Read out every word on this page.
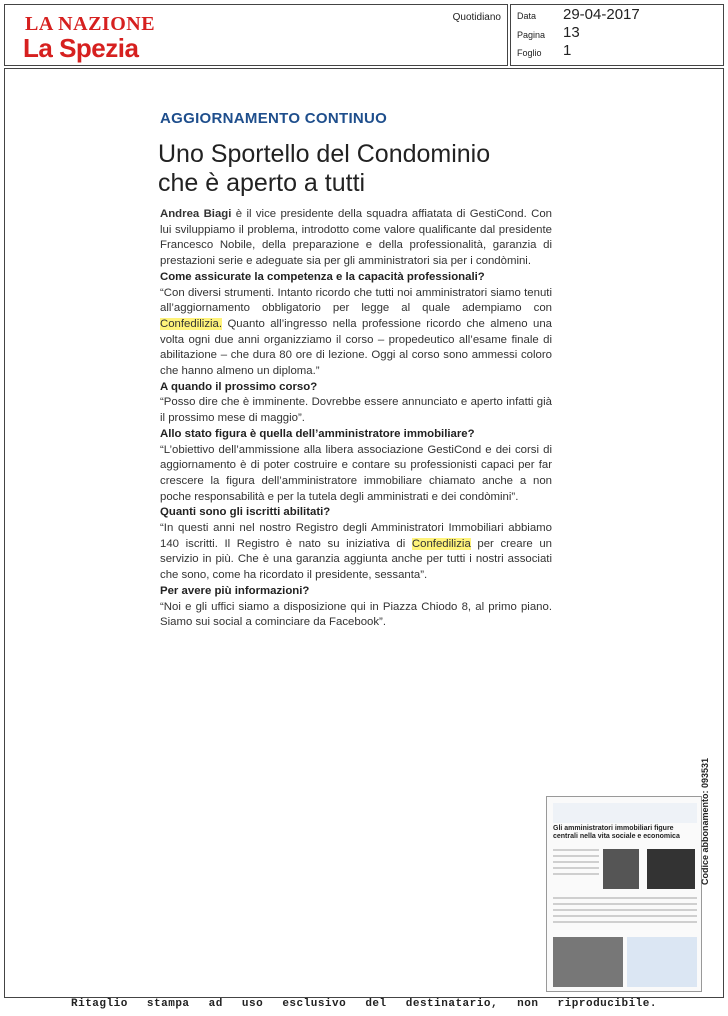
LA NAZIONE
La Spezia
Quotidiano Data 29-04-2017
Pagina 13
Foglio 1
AGGIORNAMENTO CONTINUO
Uno Sportello del Condominio
che è aperto a tutti

Andrea Biagi è il vice presidente della squadra affiatata di GestiCond. Con lui sviluppiamo il problema, introdotto come valore qualificante dal presidente Francesco Nobile, della preparazione e della professionalità, garanzia di prestazioni serie e adeguate sia per gli amministratori sia per i condòmini.

Come assicurate la competenza e la capacità professionali?

“Con diversi strumenti. Intanto ricordo che tutti noi amministratori siamo tenuti all’aggiornamento obbligatorio per legge al quale adempiamo con Confedilizia. Quanto all’ingresso nella professione ricordo che almeno una volta ogni due anni organizziamo il corso – propedeutico all’esame finale di abilitazione – che dura 80 ore di lezione. Oggi al corso sono ammessi coloro che hanno almeno un diploma.”

A quando il prossimo corso?

“Posso dire che è imminente. Dovrebbe essere annunciato e aperto infatti già il prossimo mese di maggio”.

Allo stato figura è quella dell’amministratore immobiliare?

“L’obiettivo dell’ammissione alla libera associazione GestiCond e dei corsi di aggiornamento è di poter costruire e contare su professionisti capaci per far crescere la figura dell’amministratore immobiliare chiamato anche a non poche responsabilità e per la tutela degli amministrati e dei condòmini”.

Quanti sono gli iscritti abilitati?

“In questi anni nel nostro Registro degli Amministratori Immobiliari abbiamo 140 iscritti. Il Registro è nato su iniziativa di Confedilizia per creare un servizio in più. Che è una garanzia aggiunta anche per tutti i nostri associati che sono, come ha ricordato il presidente, sessanta”.

Per avere più informazioni?

“Noi e gli uffici siamo a disposizione qui in Piazza Chiodo 8, al primo piano. Siamo sui social a cominciare da Facebook”.

Gli amministratori immobiliari figure centrali nella vita sociale e economica	Codice abbonamento: 093531
Ritaglio stampa ad uso esclusivo del destinatario, non riproducibile.
